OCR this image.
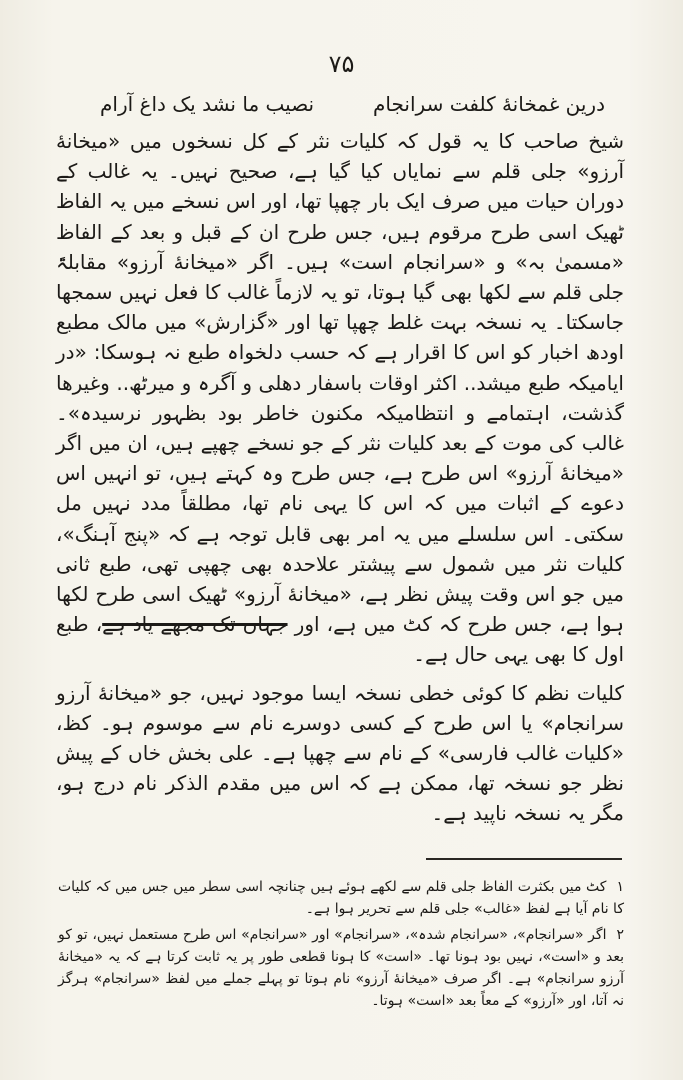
۷۵
درین غمخانهٔ کلفت سرانجام
نصیب ما نشد یک داغ آرام

شیخ صاحب کا یہ قول کہ کلیات نثر کے کل نسخوں میں «میخانهٔ آرزو» جلی قلم سے نمایاں کیا گیا ہے، صحیح نہیں۔ یہ غالب کے دوران حیات میں صرف ایک بار چھپا تھا، اور اس نسخے میں یہ الفاظ ٹھیک اسی طرح مرقوم ہیں، جس طرح ان کے قبل و بعد کے الفاظ «مسمیٰ بہ» و «سرانجام است» ہیں۔ اگر «میخانهٔ آرزو» مقابلۃً جلی قلم سے لکھا بھی گیا ہوتا، تو یہ لازماً غالب کا فعل نہیں سمجھا جاسکتا۔ یہ نسخہ بہت غلط چھپا تھا اور «گزارش» میں مالک مطبع اودھ اخبار کو اس کا اقرار ہے کہ حسب دلخواہ طبع نہ ہوسکا: «در ایامیکہ طبع میشد.. اکثر اوقات باسفار دھلی و آگرہ و میرٹھ.. وغیرھا گذشت، اہتمامے و انتظامیکہ مکنون خاطر بود بظہور نرسیدہ»۔ غالب کی موت کے بعد کلیات نثر کے جو نسخے چھپے ہیں، ان میں اگر «میخانهٔ آرزو» اس طرح ہے، جس طرح وہ کہتے ہیں، تو انہیں اس دعوے کے اثبات میں کہ اس کا یہی نام تھا، مطلقاً مدد نہیں مل سکتی۔ اس سلسلے میں یہ امر بھی قابل توجہ ہے کہ «پنج آہنگ»، کلیات نثر میں شمول سے پیشتر علاحدہ بھی چھپی تھی، طبع ثانی میں جو اس وقت پیش نظر ہے، «میخانهٔ آرزو» ٹھیک اسی طرح لکھا ہوا ہے، جس طرح کہ کٹ میں ہے، اور جہاں تک مجھے یاد ہے، طبع اول کا بھی یہی حال ہے۔

کلیات نظم کا کوئی خطی نسخہ ایسا موجود نہیں، جو «میخانهٔ آرزو سرانجام» یا اس طرح کے کسی دوسرے نام سے موسوم ہو۔ کظ، «کلیات غالب فارسی» کے نام سے چھپا ہے۔ علی بخش خاں کے پیش نظر جو نسخہ تھا، ممکن ہے کہ اس میں مقدم الذکر نام درج ہو، مگر یہ نسخہ ناپید ہے۔

۱کٹ میں بکثرت الفاظ جلی قلم سے لکھے ہوئے ہیں چنانچہ اسی سطر میں جس میں کہ کلیات کا نام آیا ہے لفظ «غالب» جلی قلم سے تحریر ہوا ہے۔

۲اگر «سرانجام»، «سرانجام شدہ»، «سرانجام» اور «سرانجام» اس طرح مستعمل نہیں، تو کو بعد و «است»، نہیں بود ہونا تھا۔ «است» کا ہونا قطعی طور پر یہ ثابت کرتا ہے کہ یہ «میخانهٔ آرزو سرانجام» ہے۔ اگر صرف «میخانهٔ آرزو» نام ہوتا تو پہلے جملے میں لفظ «سرانجام» ہرگز نہ آتا، اور «آرزو» کے معاً بعد «است» ہوتا۔
